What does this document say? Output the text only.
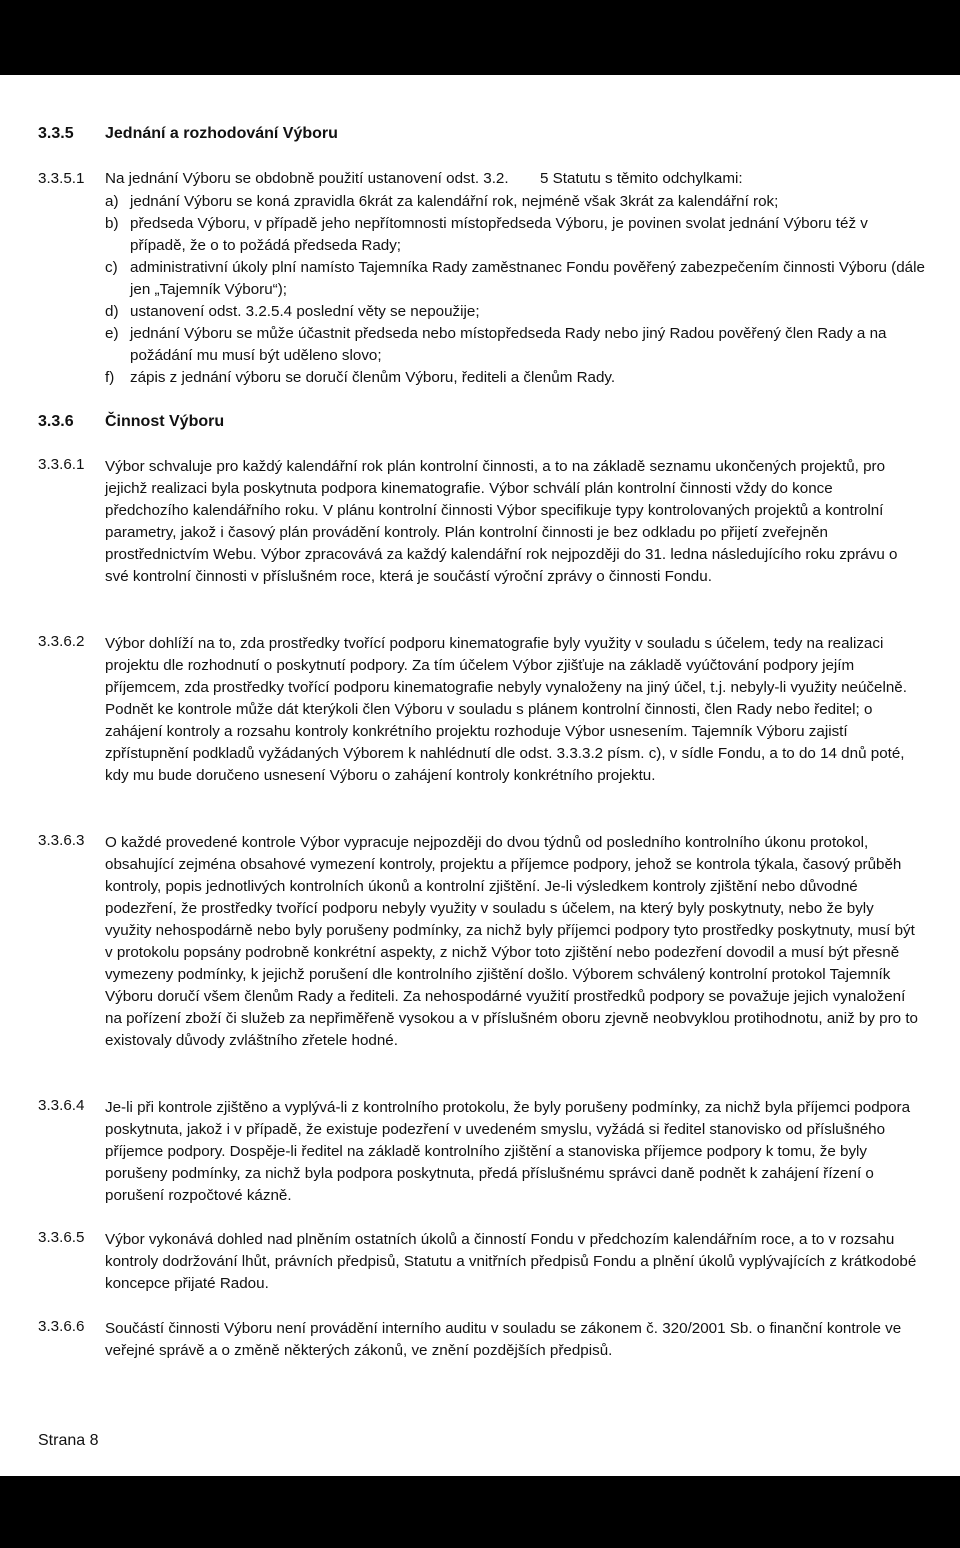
3.3.5 Jednání a rozhodování Výboru
3.3.5.1 Na jednání Výboru se obdobně použití ustanovení odst. 3.2.	5 Statutu s těmito odchylkami:
a) jednání Výboru se koná zpravidla 6krát za kalendářní rok, nejméně však 3krát za kalendářní rok;
b) předseda Výboru, v případě jeho nepřítomnosti místopředseda Výboru, je povinen svolat jednání Výboru též v případě, že o to požádá předseda Rady;
c) administrativní úkoly plní namísto Tajemníka Rady zaměstnanec Fondu pověřený zabezpečením činnosti Výboru (dále jen „Tajemník Výboru“);
d) ustanovení odst. 3.2.5.4 poslední věty se nepoužije;
e) jednání Výboru se může účastnit předseda nebo místopředseda Rady nebo jiný Radou pověřený člen Rady a na požádání mu musí být uděleno slovo;
f) zápis z jednání výboru se doručí členům Výboru, řediteli a členům Rady.
3.3.6 Činnost Výboru
3.3.6.1 Výbor schvaluje pro každý kalendářní rok plán kontrolní činnosti, a to na základě seznamu ukončených projektů, pro jejichž realizaci byla poskytnuta podpora kinematografie. Výbor schválí plán kontrolní činnosti vždy do konce předchozího kalendářního roku. V plánu kontrolní činnosti Výbor specifikuje typy kontrolovaných projektů a kontrolní parametry, jakož i časový plán provádění kontroly. Plán kontrolní činnosti je bez odkladu po přijetí zveřejněn prostřednictvím Webu. Výbor zpracovává za každý kalendářní rok nejpozději do 31. ledna následujícího roku zprávu o své kontrolní činnosti v příslušném roce, která je součástí výroční zprávy o činnosti Fondu.
3.3.6.2 Výbor dohlíží na to, zda prostředky tvořící podporu kinematografie byly využity v souladu s účelem, tedy na realizaci projektu dle rozhodnutí o poskytnutí podpory. Za tím účelem Výbor zjišťuje na základě vyúčtování podpory jejím příjemcem, zda prostředky tvořící podporu kinematografie nebyly vynaloženy na jiný účel, t.j. nebyly-li využity neúčelně. Podnět ke kontrole může dát kterýkoli člen Výboru v souladu s plánem kontrolní činnosti, člen Rady nebo ředitel; o zahájení kontroly a rozsahu kontroly konkrétního projektu rozhoduje Výbor usnesením. Tajemník Výboru zajistí zpřístupnění podkladů vyžádaných Výborem k nahlédnutí dle odst. 3.3.3.2 písm. c), v sídle Fondu, a to do 14 dnů poté, kdy mu bude doručeno usnesení Výboru o zahájení kontroly konkrétního projektu.
3.3.6.3 O každé provedené kontrole Výbor vypracuje nejpozději do dvou týdnů od posledního kontrolního úkonu protokol, obsahující zejména obsahové vymezení kontroly, projektu a příjemce podpory, jehož se kontrola týkala, časový průběh kontroly, popis jednotlivých kontrolních úkonů a kontrolní zjištění. Je-li výsledkem kontroly zjištění nebo důvodné podezření, že prostředky tvořící podporu nebyly využity v souladu s účelem, na který byly poskytnuty, nebo že byly využity nehospodárně nebo byly porušeny podmínky, za nichž byly příjemci podpory tyto prostředky poskytnuty, musí být v protokolu popsány podrobně konkrétní aspekty, z nichž Výbor toto zjištění nebo podezření dovodil a musí být přesně vymezeny podmínky, k jejichž porušení dle kontrolního zjištění došlo. Výborem schválený kontrolní protokol Tajemník Výboru doručí všem členům Rady a řediteli. Za nehospodárné využití prostředků podpory se považuje jejich vynaložení na pořízení zboží či služeb za nepřiměřeně vysokou a v příslušném oboru zjevně neobvyklou protihodnotu, aniž by pro to existovaly důvody zvláštního zřetele hodné.
3.3.6.4 Je-li při kontrole zjištěno a vyplývá-li z kontrolního protokolu, že byly porušeny podmínky, za nichž byla příjemci podpora poskytnuta, jakož i v případě, že existuje podezření v uvedeném smyslu, vyžádá si ředitel stanovisko od příslušného příjemce podpory. Dospěje-li ředitel na základě kontrolního zjištění a stanoviska příjemce podpory k tomu, že byly porušeny podmínky, za nichž byla podpora poskytnuta, předá příslušnému správci daně podnět k zahájení řízení o porušení rozpočtové kázně.
3.3.6.5 Výbor vykonává dohled nad plněním ostatních úkolů a činností Fondu v předchozím kalendářním roce, a to v rozsahu kontroly dodržování lhůt, právních předpisů, Statutu a vnitřních předpisů Fondu a plnění úkolů vyplývajících z krátkodobé koncepce přijaté Radou.
3.3.6.6 Součástí činnosti Výboru není provádění interního auditu v souladu se zákonem č. 320/2001 Sb. o finanční kontrole ve veřejné správě a o změně některých zákonů, ve znění pozdějších předpisů.
Strana 8
